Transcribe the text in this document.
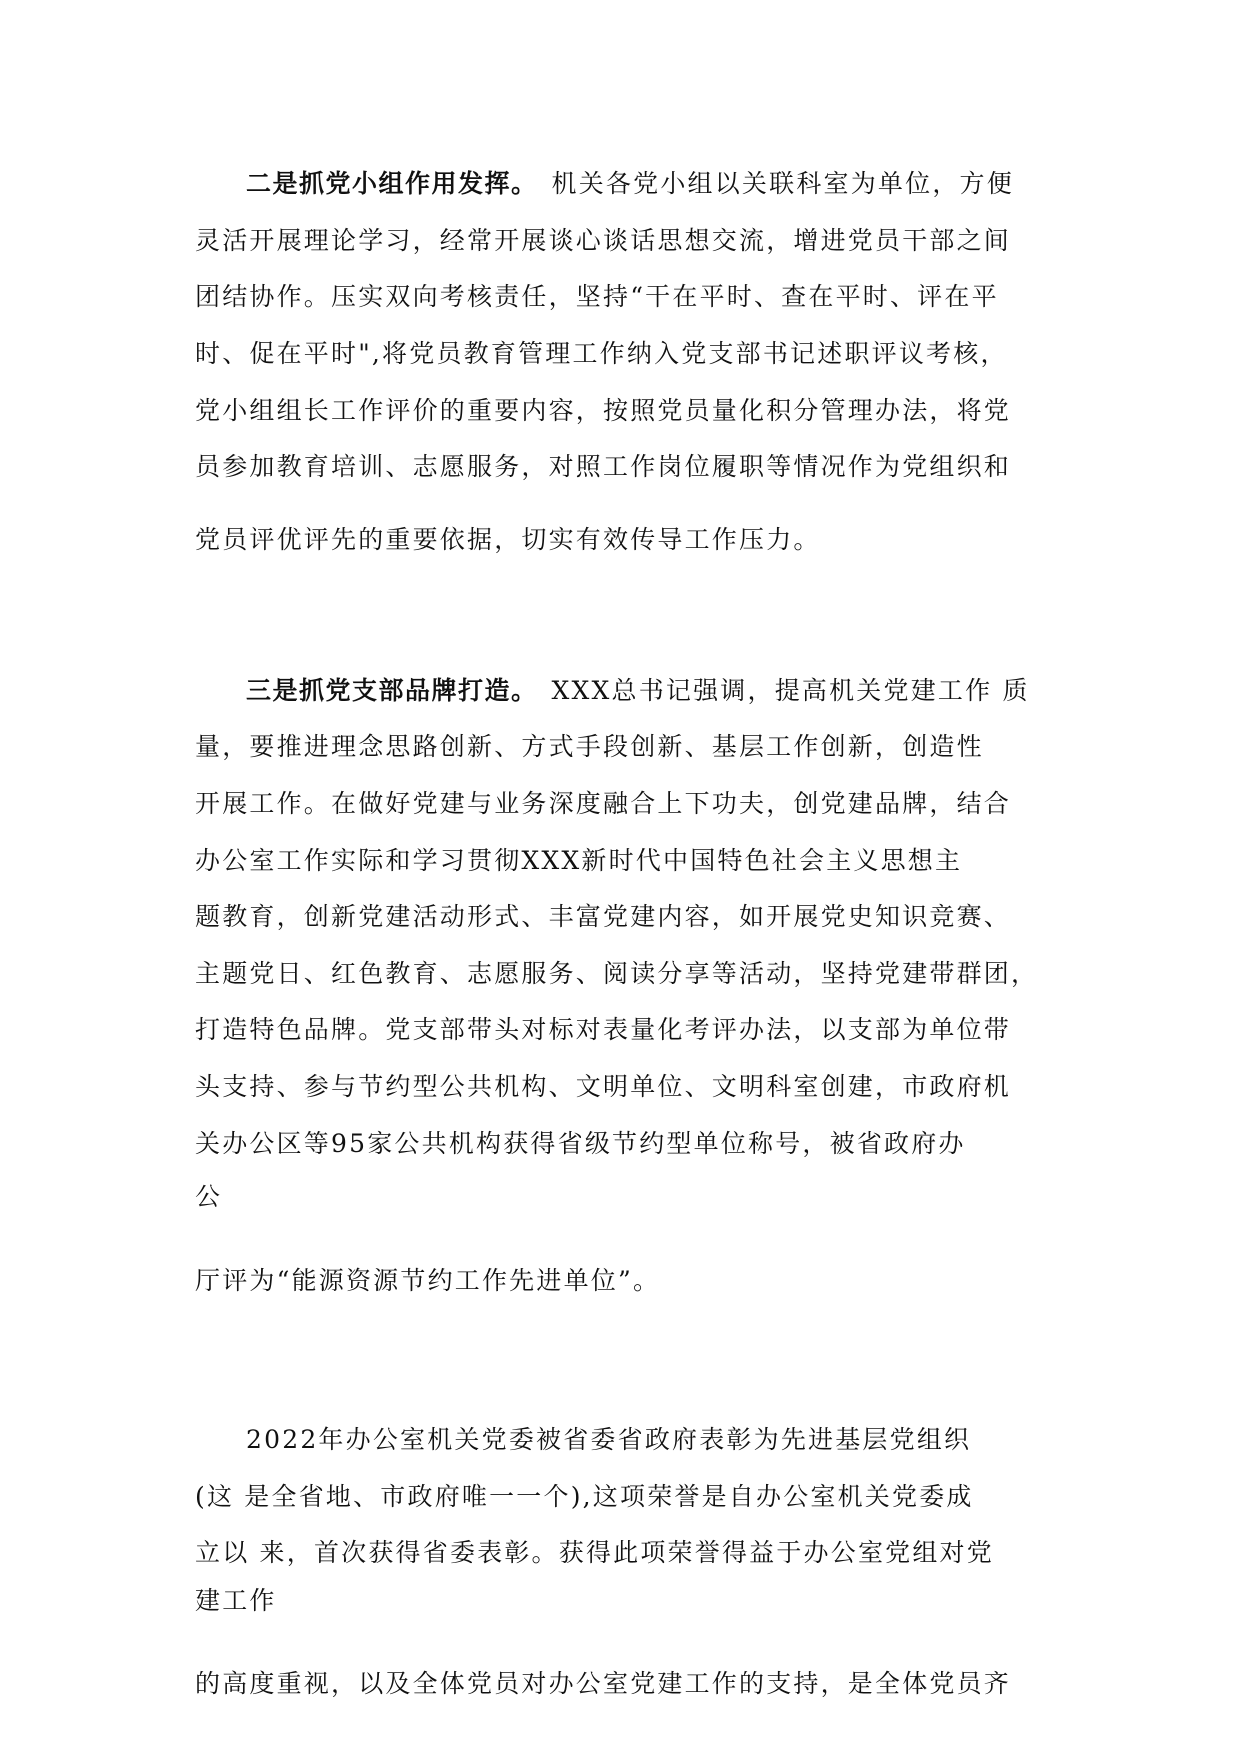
二是抓党小组作用发挥。 机关各党小组以关联科室为单位，方便
灵活开展理论学习，经常开展谈心谈话思想交流，增进党员干部之间
团结协作。压实双向考核责任，坚持“干在平时、查在平时、评在平
时、促在平时",将党员教育管理工作纳入党支部书记述职评议考核，
党小组组长工作评价的重要内容，按照党员量化积分管理办法，将党
员参加教育培训、志愿服务，对照工作岗位履职等情况作为党组织和
党员评优评先的重要依据，切实有效传导工作压力。
三是抓党支部品牌打造。 XXX总书记强调，提高机关党建工作 质
量，要推进理念思路创新、方式手段创新、基层工作创新，创造性
开展工作。在做好党建与业务深度融合上下功夫，创党建品牌，结合
办公室工作实际和学习贯彻XXX新时代中国特色社会主义思想主
题教育，创新党建活动形式、丰富党建内容，如开展党史知识竞赛、
主题党日、红色教育、志愿服务、阅读分享等活动，坚持党建带群团，
打造特色品牌。党支部带头对标对表量化考评办法，以支部为单位带
头支持、参与节约型公共机构、文明单位、文明科室创建，市政府机
关办公区等95家公共机构获得省级节约型单位称号，被省政府办
公
厅评为“能源资源节约工作先进单位”。
2022年办公室机关党委被省委省政府表彰为先进基层党组织
(这 是全省地、市政府唯一一个),这项荣誉是自办公室机关党委成
立以 来，首次获得省委表彰。获得此项荣誉得益于办公室党组对党
建工作
的高度重视，以及全体党员对办公室党建工作的支持，是全体党员齐
